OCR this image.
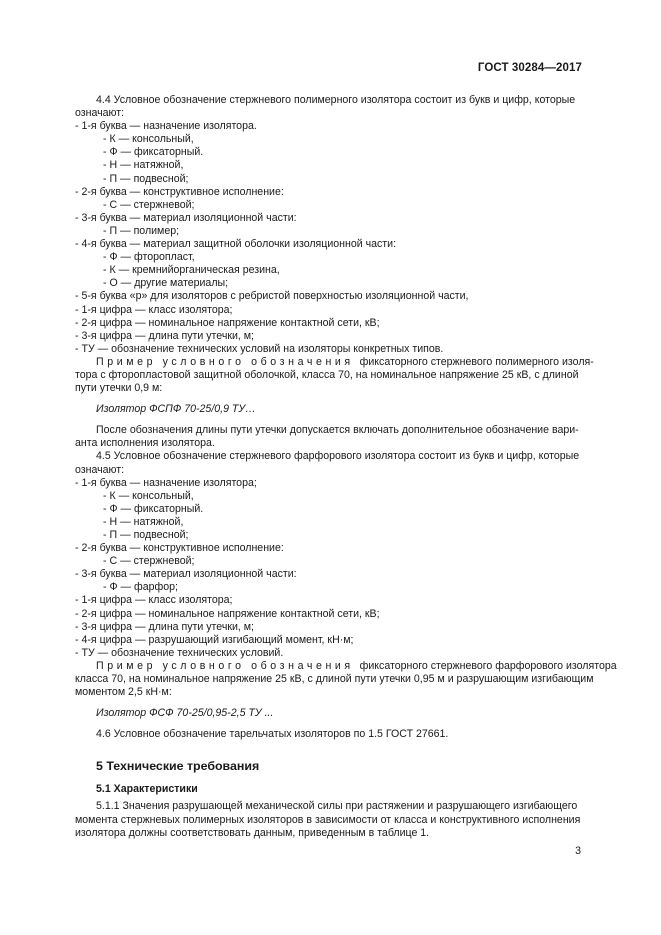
ГОСТ 30284—2017
4.4 Условное обозначение стержневого полимерного изолятора состоит из букв и цифр, которые
означают:
- 1-я буква — назначение изолятора.
- К — консольный,
- Ф — фиксаторный.
- Н — натяжной,
- П — подвесной;
- 2-я буква — конструктивное исполнение:
- С — стержневой;
- 3-я буква — материал изоляционной части:
- П — полимер;
- 4-я буква — материал защитной оболочки изоляционной части:
- Ф — фторопласт,
- К — кремнийорганическая резина,
- О — другие материалы;
- 5-я буква «р» для изоляторов с ребристой поверхностью изоляционной части,
- 1-я цифра — класс изолятора;
- 2-я цифра — номинальное напряжение контактной сети, кВ;
- 3-я цифра — длина пути утечки, м;
- ТУ — обозначение технических условий на изоляторы конкретных типов.
Пример условного обозначения фиксаторного стержневого полимерного изоля-
тора с фторопластовой защитной оболочкой, класса 70, на номинальное напряжение 25 кВ, с длиной
пути утечки 0,9 м:
Изолятор ФСПФ 70-25/0,9 ТУ…
После обозначения длины пути утечки допускается включать дополнительное обозначение вари-
анта исполнения изолятора.
4.5 Условное обозначение стержневого фарфорового изолятора состоит из букв и цифр, которые
означают:
- 1-я буква — назначение изолятора;
- К — консольный,
- Ф — фиксаторный.
- Н — натяжной,
- П — подвесной;
- 2-я буква — конструктивное исполнение:
- С — стержневой;
- 3-я буква — материал изоляционной части:
- Ф — фарфор;
- 1-я цифра — класс изолятора;
- 2-я цифра — номинальное напряжение контактной сети, кВ;
- 3-я цифра — длина пути утечки, м;
- 4-я цифра — разрушающий изгибающий момент, кН·м;
- ТУ — обозначение технических условий.
Пример условного обозначения фиксаторного стержневого фарфорового изолятора
класса 70, на номинальное напряжение 25 кВ, с длиной пути утечки 0,95 м и разрушающим изгибающим
моментом 2,5 кН·м:
Изолятор ФСФ 70-25/0,95-2,5 ТУ ...
4.6 Условное обозначение тарельчатых изоляторов по 1.5 ГОСТ 27661.
5 Технические требования
5.1 Характеристики
5.1.1 Значения разрушающей механической силы при растяжении и разрушающего изгибающего
момента стержневых полимерных изоляторов в зависимости от класса и конструктивного исполнения
изолятора должны соответствовать данным, приведенным в таблице 1.
3
